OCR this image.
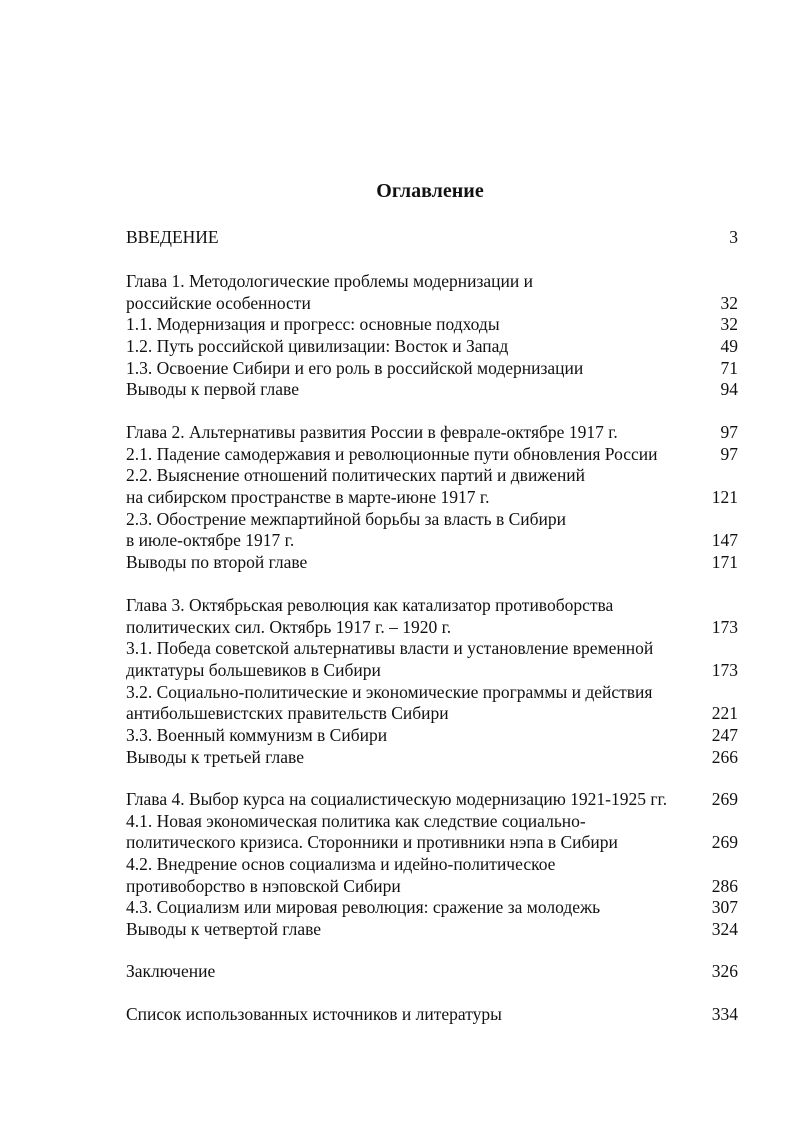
Оглавление
ВВЕДЕНИЕ	3
Глава 1. Методологические проблемы модернизации и
российские особенности	32
1.1. Модернизация и прогресс: основные подходы	32
1.2. Путь российской цивилизации: Восток и Запад	49
1.3. Освоение Сибири и его роль в российской модернизации	71
Выводы к первой главе	94
Глава 2. Альтернативы развития России в феврале-октябре 1917 г.	97
2.1. Падение самодержавия и революционные пути обновления России	97
2.2. Выяснение отношений политических партий и движений
на сибирском пространстве в марте-июне 1917 г.	121
2.3. Обострение межпартийной борьбы за власть в Сибири
в июле-октябре 1917 г.	147
Выводы по второй главе	171
Глава 3. Октябрьская революция как катализатор противоборства
политических сил. Октябрь 1917 г. – 1920 г.	173
3.1. Победа советской альтернативы власти и установление временной
диктатуры большевиков в Сибири	173
3.2. Социально-политические и экономические программы и действия
антибольшевистских правительств Сибири	221
3.3. Военный коммунизм в Сибири	247
Выводы к третьей главе	266
Глава 4. Выбор курса на социалистическую модернизацию 1921-1925 гг.	269
4.1. Новая экономическая политика как следствие социально-
политического кризиса. Сторонники и противники нэпа в Сибири	269
4.2. Внедрение основ социализма и идейно-политическое
противоборство в нэповской Сибири	286
4.3. Социализм или мировая революция: сражение за молодежь	307
Выводы к четвертой главе	324
Заключение	326
Список использованных источников и литературы	334
